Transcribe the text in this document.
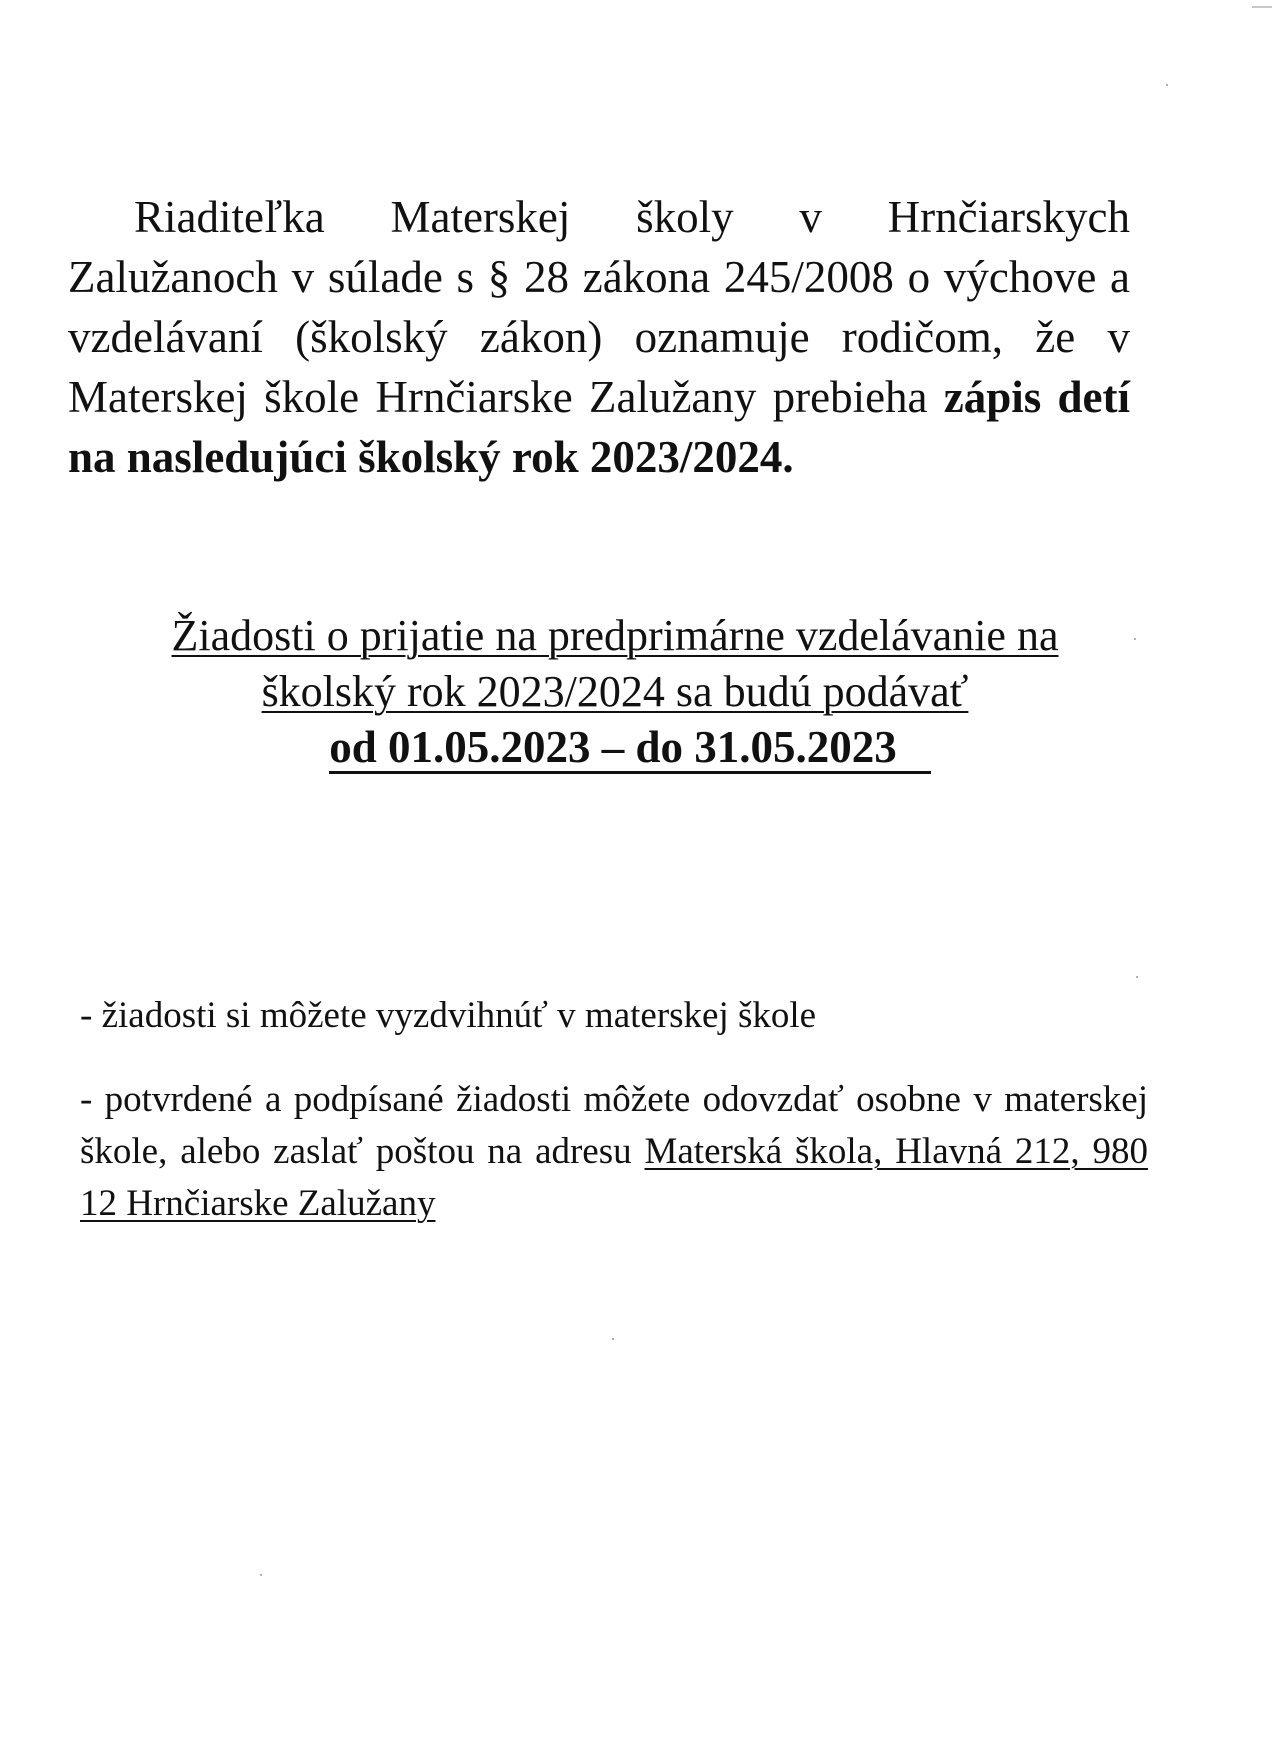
Riaditeľka Materskej školy v Hrnčiarskych Zalužanoch v súlade s § 28 zákona 245/2008 o výchove a vzdelávaní (školský zákon) oznamuje rodičom, že v Materskej škole Hrnčiarske Zalužany prebieha zápis detí na nasledujúci školský rok 2023/2024.

Žiadosti o prijatie na predprimárne vzdelávanie na
školský rok 2023/2024 sa budú podávať
od 01.05.2023 – do 31.05.2023

- žiadosti si môžete vyzdvihnúť v materskej škole

- potvrdené a podpísané žiadosti môžete odovzdať osobne v materskej škole, alebo zaslať poštou na adresu Materská škola, Hlavná 212, 980 12 Hrnčiarske Zalužany
